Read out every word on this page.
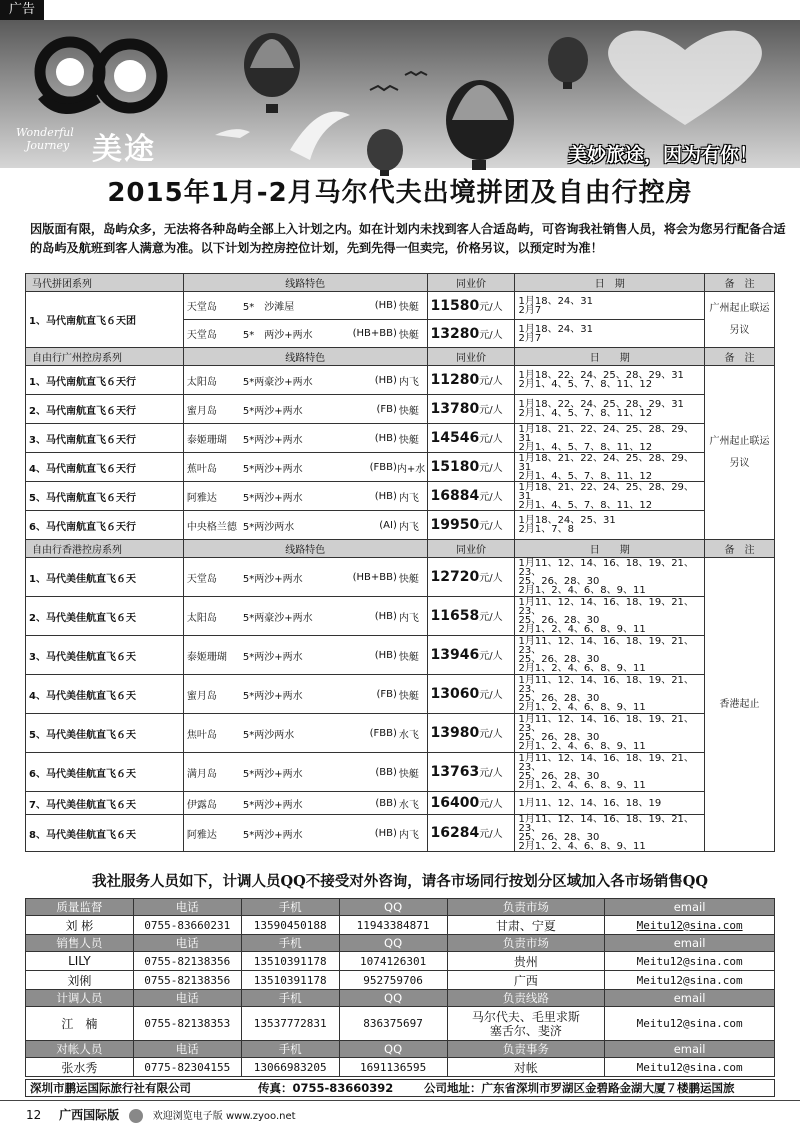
广告
Wonderful
Journey 美途	美妙旅途，因为有你！
2015年1月-2月马尔代夫出境拼团及自由行控房
因版面有限，岛屿众多，无法将各种岛屿全部上入计划之内。如在计划内未找到客人合适岛屿，可咨询我社销售人员，将会为您另行配备合适的岛屿及航班到客人满意为准。以下计划为控房控位计划，先到先得一但卖完，价格另议，以预定时为准！
马代拼团系列	线路特色	同业价	日　期	备　注
1、马代南航直飞６天团	天堂岛 5*　沙滩屋 (HB) 快艇	11580元/人	1月18、24、31
2月7	广州起止联运另议
	天堂岛 5*　两沙+两水 (HB+BB) 快艇	13280元/人	1月18、24、31
2月7	

自由行广州控房系列	线路特色	同业价	日　　期	备　注
1、马代南航直飞６天行	太阳岛 5*两豪沙+两水 (HB) 内飞	11280元/人	1月18、22、24、25、28、29、31
2月1、4、5、7、8、11、12	广州起止联运另议
2、马代南航直飞６天行	蜜月岛 5*两沙+两水 (FB) 快艇	13780元/人	1月18、22、24、25、28、29、31
2月1、4、5、7、8、11、12	

3、马代南航直飞６天行	泰姬珊瑚 5*两沙+两水 (HB) 快艇	14546元/人	1月18、21、22、24、25、28、29、31
2月1、4、5、7、8、11、12	

4、马代南航直飞６天行	蕉叶岛 5*两沙+两水 (FBB)内+水	15180元/人	1月18、21、22、24、25、28、29、31
2月1、4、5、7、8、11、12	

5、马代南航直飞６天行	阿雅达 5*两沙+两水 (HB) 内飞	16884元/人	1月18、21、22、24、25、28、29、31
2月1、4、5、7、8、11、12	

6、马代南航直飞６天行	中央格兰德 5*两沙两水 (AI) 内飞	19950元/人	1月18、24、25、31
2月1、7、8	

自由行香港控房系列	线路特色	同业价	日　　期	备　注
1、马代美佳航直飞６天	天堂岛 5*两沙+两水 (HB+BB) 快艇	12720元/人	1月11、12、14、16、18、19、21、23、
25、26、28、30
2月1、2、4、6、8、9、11	香港起止
2、马代美佳航直飞６天	太阳岛 5*两豪沙+两水 (HB) 内飞	11658元/人	1月11、12、14、16、18、19、21、23、
25、26、28、30
2月1、2、4、6、8、9、11	

3、马代美佳航直飞６天	泰姬珊瑚 5*两沙+两水 (HB) 快艇	13946元/人	1月11、12、14、16、18、19、21、23、
25、26、28、30
2月1、2、4、6、8、9、11	

4、马代美佳航直飞６天	蜜月岛 5*两沙+两水 (FB) 快艇	13060元/人	1月11、12、14、16、18、19、21、23、
25、26、28、30
2月1、2、4、6、8、9、11	

5、马代美佳航直飞６天	焦叶岛 5*两沙两水 (FBB) 水飞	13980元/人	1月11、12、14、16、18、19、21、23、
25、26、28、30
2月1、2、4、6、8、9、11	

6、马代美佳航直飞６天	满月岛 5*两沙+两水 (BB) 快艇	13763元/人	1月11、12、14、16、18、19、21、23、
25、26、28、30
2月1、2、4、6、8、9、11	

7、马代美佳航直飞６天	伊露岛 5*两沙+两水 (BB) 水飞	16400元/人	1月11、12、14、16、18、19	

8、马代美佳航直飞６天	阿雅达 5*两沙+两水 (HB) 内飞	16284元/人	1月11、12、14、16、18、19、21、23、
25、26、28、30
2月1、2、4、6、8、9、11	
我社服务人员如下，计调人员QQ不接受对外咨询，请各市场同行按划分区域加入各市场销售QQ
质量监督	电话	手机	QQ	负责市场	email
刘 彬	0755-83660231	13590450188	11943384871	甘肃、宁夏	Meitu12@sina.com
销售人员	电话	手机	QQ	负责市场	email
LILY	0755-82138356	13510391178	1074126301	贵州	Meitu12@sina.com
刘俐	0755-82138356	13510391178	952759706	广西	Meitu12@sina.com
计调人员	电话	手机	QQ	负责线路	email
江　楠	0755-82138353	13537772831	836375697	马尔代夫、毛里求斯
塞舌尔、斐济	Meitu12@sina.com
对帐人员	电话	手机	QQ	负责事务	email
张水秀	0775-82304155	13066983205	1691136595	对帐	Meitu12@sina.com
深圳市鹏运国际旅行社有限公司	传真：0755-83660392	公司地址：广东省深圳市罗湖区金碧路金湖大厦７楼鹏运国旅
12 广西国际版	欢迎浏览电子版 www.zyoo.net
